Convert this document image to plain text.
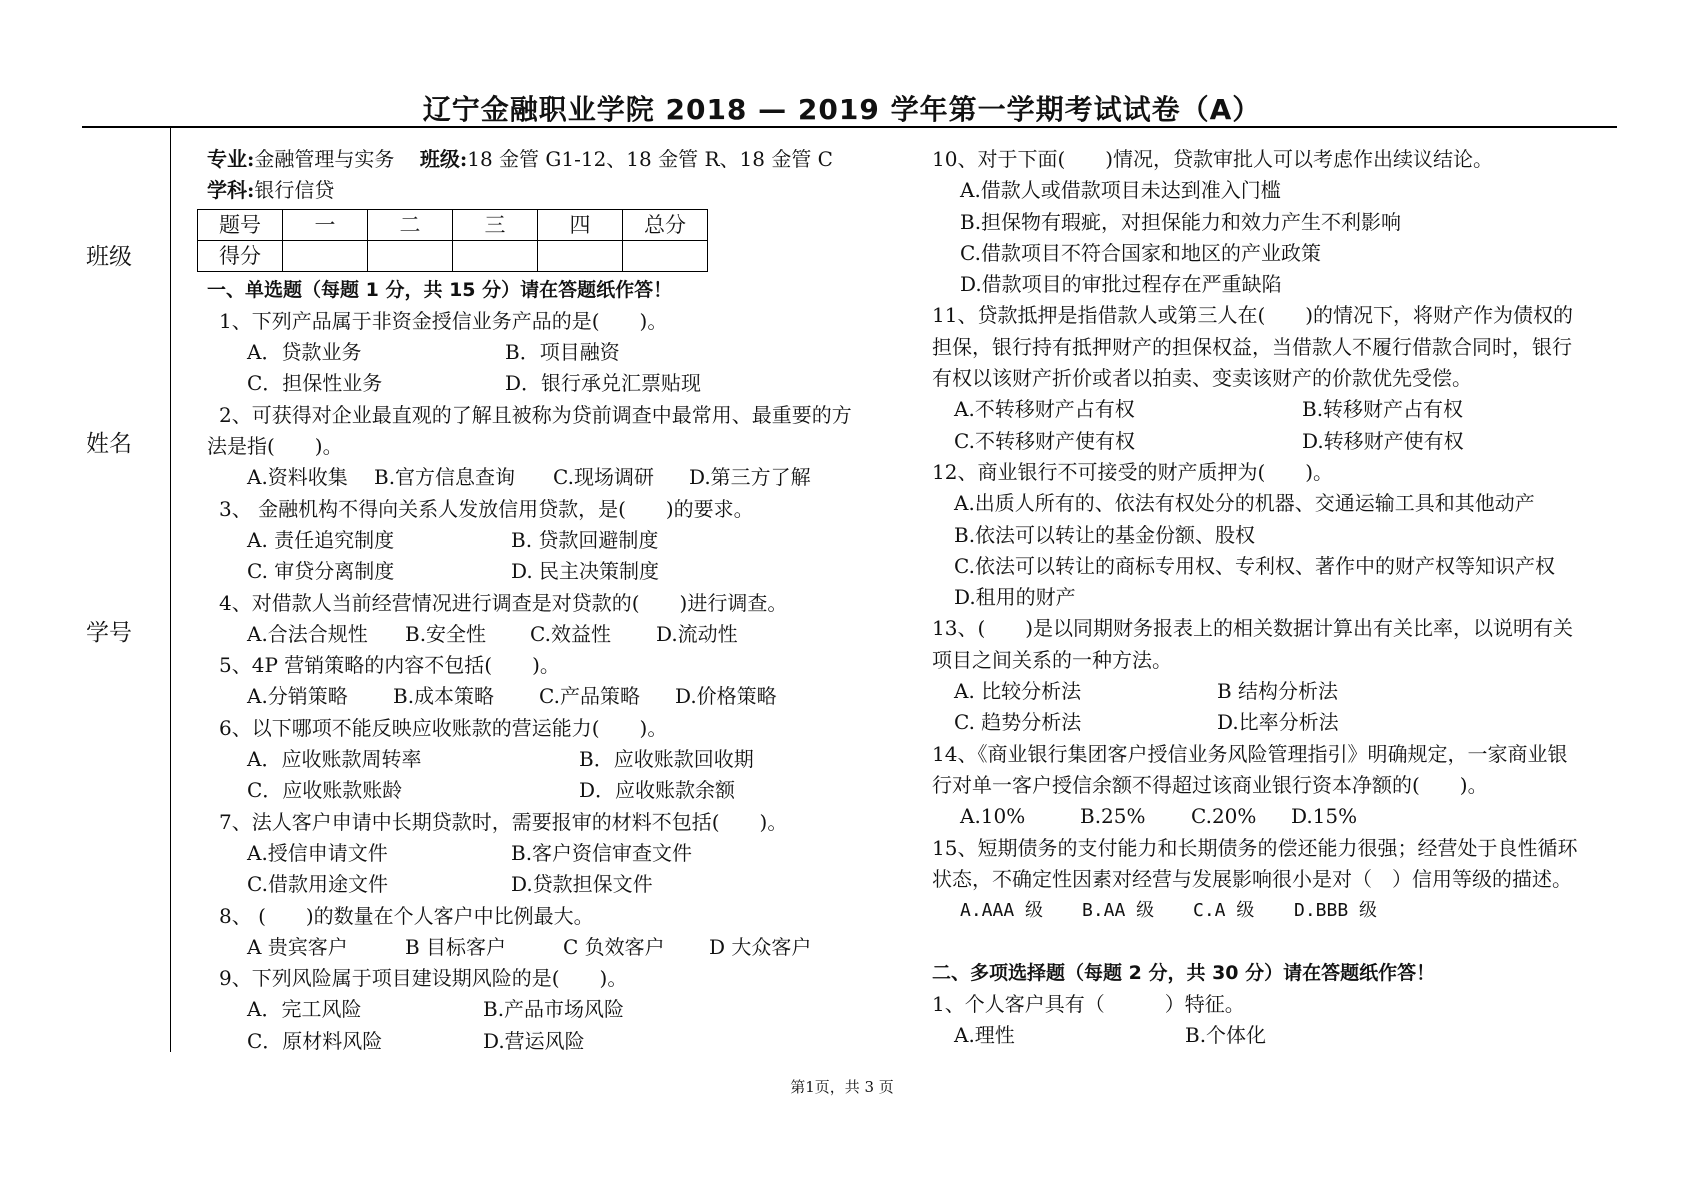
辽宁金融职业学院 2018 — 2019 学年第一学期考试试卷（A）
班级
姓名
学号

专业:金融管理与实务 班级:18 金管 G1-12、18 金管 R、18 金管 C

学科:银行信贷

题号	一	二	三	四	总分
得分					

一、单选题（每题 1 分，共 15 分）请在答题纸作答！

1、下列产品属于非资金授信业务产品的是(　　)。

A．贷款业务	B．项目融资

C．担保性业务	D．银行承兑汇票贴现

2、可获得对企业最直观的了解且被称为贷前调查中最常用、最重要的方

法是指(　　)。

A.资料收集	B.官方信息查询	C.现场调研	D.第三方了解

3、 金融机构不得向关系人发放信用贷款，是(　　)的要求。

A. 责任追究制度	B. 贷款回避制度

C. 审贷分离制度	D. 民主决策制度

4、对借款人当前经营情况进行调查是对贷款的(　　)进行调查。

A.合法合规性	B.安全性	C.效益性	D.流动性

5、4P 营销策略的内容不包括(　　)。

A.分销策略	B.成本策略	C.产品策略	D.价格策略

6、以下哪项不能反映应收账款的营运能力(　　)。

A．应收账款周转率	B．应收账款回收期

C．应收账款账龄	D．应收账款余额

7、法人客户申请中长期贷款时，需要报审的材料不包括(　　)。

A.授信申请文件	B.客户资信审查文件

C.借款用途文件	D.贷款担保文件

8、 (　　)的数量在个人客户中比例最大。

A 贵宾客户	B 目标客户	C 负效客户	D 大众客户

9、下列风险属于项目建设期风险的是(　　)。

A．完工风险	B.产品市场风险

C．原材料风险	D.营运风险

10、对于下面(　　)情况，贷款审批人可以考虑作出续议结论。

A.借款人或借款项目未达到准入门槛

B.担保物有瑕疵，对担保能力和效力产生不利影响

C.借款项目不符合国家和地区的产业政策

D.借款项目的审批过程存在严重缺陷

11、贷款抵押是指借款人或第三人在(　　)的情况下，将财产作为债权的

担保，银行持有抵押财产的担保权益，当借款人不履行借款合同时，银行

有权以该财产折价或者以拍卖、变卖该财产的价款优先受偿。

A.不转移财产占有权	B.转移财产占有权

C.不转移财产使有权	D.转移财产使有权

12、商业银行不可接受的财产质押为(　　)。

A.出质人所有的、依法有权处分的机器、交通运输工具和其他动产

B.依法可以转让的基金份额、股权

C.依法可以转让的商标专用权、专利权、著作中的财产权等知识产权

D.租用的财产

13、(　　)是以同期财务报表上的相关数据计算出有关比率，以说明有关

项目之间关系的一种方法。

A. 比较分析法	B 结构分析法

C. 趋势分析法	D.比率分析法

14、《商业银行集团客户授信业务风险管理指引》明确规定，一家商业银

行对单一客户授信余额不得超过该商业银行资本净额的(　　)。

A.10%	B.25%	C.20%	D.15%

15、短期债务的支付能力和长期债务的偿还能力很强；经营处于良性循环

状态，不确定性因素对经营与发展影响很小是对（　）信用等级的描述。

A.AAA 级	B.AA 级	C.A 级	D.BBB 级

二、多项选择题（每题 2 分，共 30 分）请在答题纸作答！

1、个人客户具有（　　　）特征。

A.理性	B.个体化

第1页，共 3 页
